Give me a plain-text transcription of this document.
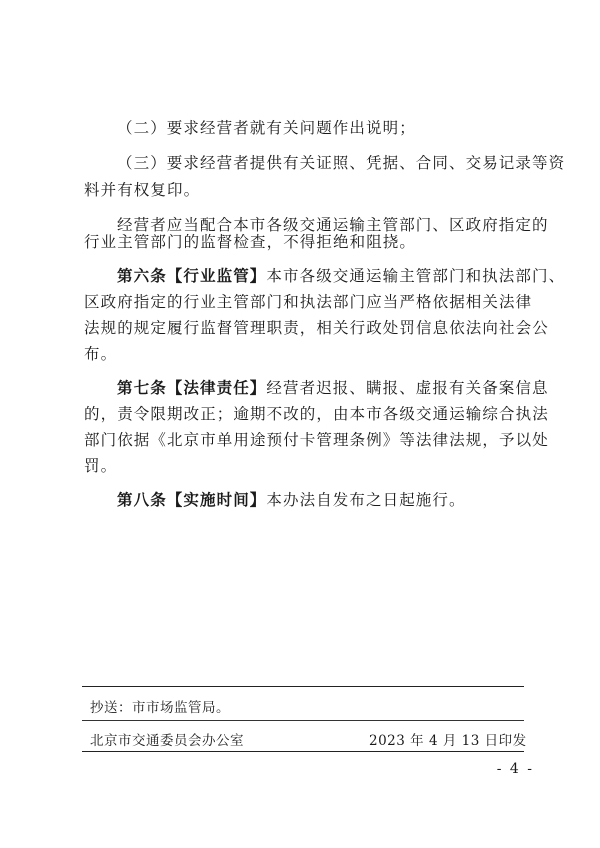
（二）要求经营者就有关问题作出说明；
（三）要求经营者提供有关证照、凭据、合同、交易记录等资
料并有权复印。
经营者应当配合本市各级交通运输主管部门、区政府指定的
行业主管部门的监督检查，不得拒绝和阻挠。
第六条【行业监管】本市各级交通运输主管部门和执法部门、
区政府指定的行业主管部门和执法部门应当严格依据相关法律
法规的规定履行监督管理职责，相关行政处罚信息依法向社会公
布。
第七条【法律责任】经营者迟报、瞒报、虚报有关备案信息
的，责令限期改正；逾期不改的，由本市各级交通运输综合执法
部门依据《北京市单用途预付卡管理条例》等法律法规，予以处
罚。
第八条【实施时间】本办法自发布之日起施行。
抄送：市市场监管局。
北京市交通委员会办公室	2023 年 4 月 13 日印发
- 4 -
